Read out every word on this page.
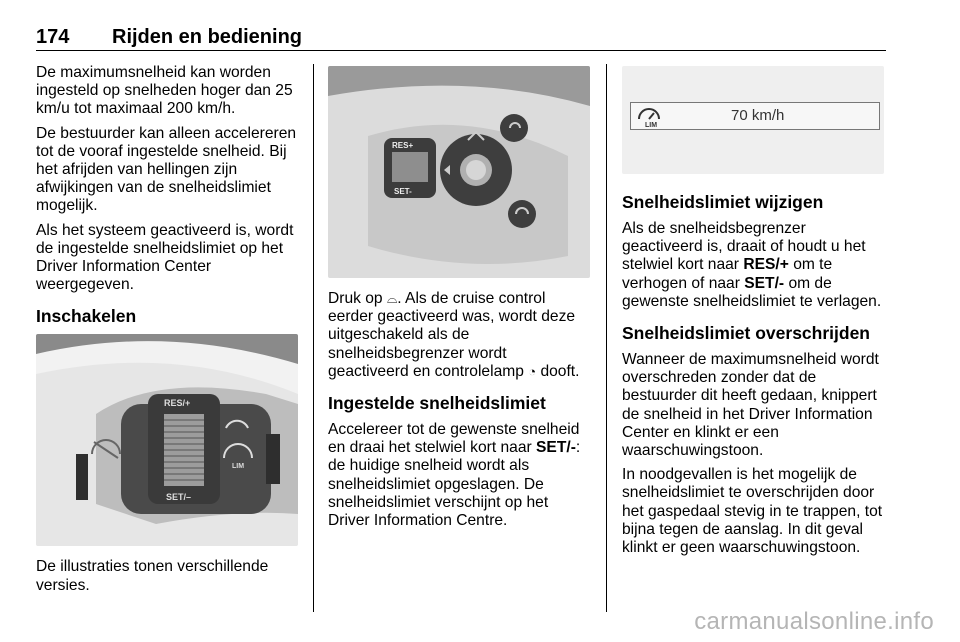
174 Rijden en bediening

De maximumsnelheid kan worden ingesteld op snelheden hoger dan 25 km/u tot maximaal 200 km/h.

De bestuurder kan alleen accelereren tot de vooraf ingestelde snelheid. Bij het afrijden van hellingen zijn afwijkingen van de snelheidslimiet mogelijk.

Als het systeem geactiveerd is, wordt de ingestelde snelheidslimiet op het Driver Information Center weergegeven.

Inschakelen
RES/+
SET/–
LIM

De illustraties tonen verschillende versies.

RES+
SET-

Druk op ⌓. Als de cruise control eerder geactiveerd was, wordt deze uitgeschakeld als de snelheidsbegrenzer wordt geactiveerd en controlelamp ◔ dooft.

Ingestelde snelheidslimiet

Accelereer tot de gewenste snelheid en draai het stelwiel kort naar SET/-: de huidige snelheid wordt als snelheidslimiet opgeslagen. De snelheidslimiet verschijnt op het Driver Information Centre.

LIM
70 km/h
Snelheidslimiet wijzigen

Als de snelheidsbegrenzer geactiveerd is, draait of houdt u het stelwiel kort naar RES/+ om te verhogen of naar SET/- om de gewenste snelheidslimiet te verlagen.

Snelheidslimiet overschrijden

Wanneer de maximumsnelheid wordt overschreden zonder dat de bestuurder dit heeft gedaan, knippert de snelheid in het Driver Information Center en klinkt er een waarschuwingstoon.

In noodgevallen is het mogelijk de snelheidslimiet te overschrijden door het gaspedaal stevig in te trappen, tot bijna tegen de aanslag. In dit geval klinkt er geen waarschuwingstoon.

carmanualsonline.info
